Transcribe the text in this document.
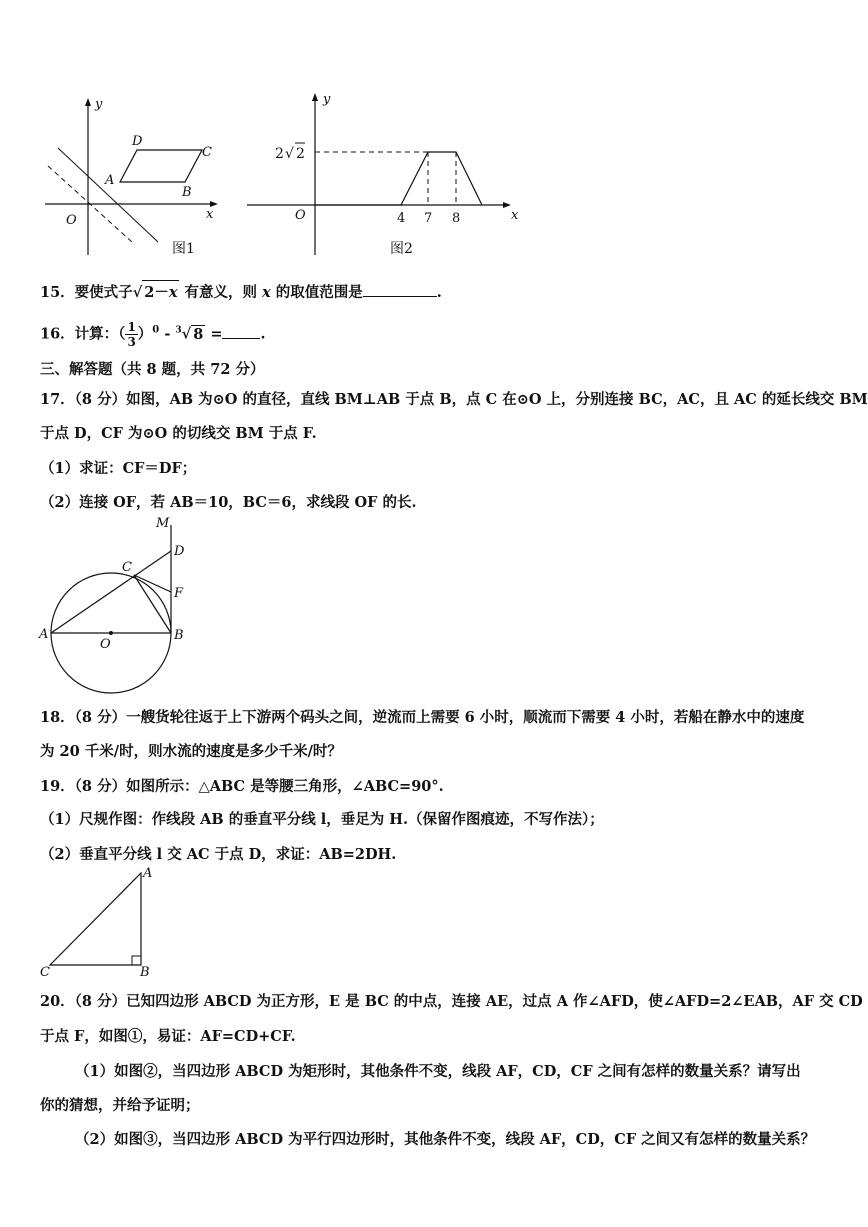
y
x
O
A
B
C
D
图1
y
x
O
2 √ 2
4 7 8
图2
15．要使式子√ 2－x 有意义，则 x 的取值范围是	.
16．计算：（ $\frac{1}{3} )^0 - ^3√$ 8 =	.
三、解答题（共 8 题，共 72 分）
17．（8 分）如图，AB 为⊙O 的直径，直线 BM⊥AB 于点 B，点 C 在⊙O 上，分别连接 BC，AC，且 AC 的延长线交 BM
于点 D，CF 为⊙O 的切线交 BM 于点 F.
（1）求证：CF＝DF；
（2）连接 OF，若 AB＝10，BC＝6，求线段 OF 的长.
M
D
C
F
A
O
B
18．（8 分）一艘货轮往返于上下游两个码头之间，逆流而上需要 6 小时，顺流而下需要 4 小时，若船在静水中的速度
为 20 千米/时，则水流的速度是多少千米/时？
19．（8 分）如图所示：△ABC 是等腰三角形，∠ABC=90°.
（1）尺规作图：作线段 AB 的垂直平分线 l，垂足为 H.（保留作图痕迹，不写作法）；
（2）垂直平分线 l 交 AC 于点 D，求证：AB=2DH.
A
C	B
20．（8 分）已知四边形 ABCD 为正方形，E 是 BC 的中点，连接 AE，过点 A 作∠AFD，使∠AFD=2∠EAB，AF 交 CD
于点 F，如图①，易证：AF=CD+CF.
（1）如图②，当四边形 ABCD 为矩形时，其他条件不变，线段 AF，CD，CF 之间有怎样的数量关系？请写出
你的猜想，并给予证明；
（2）如图③，当四边形 ABCD 为平行四边形时，其他条件不变，线段 AF，CD，CF 之间又有怎样的数量关系？
